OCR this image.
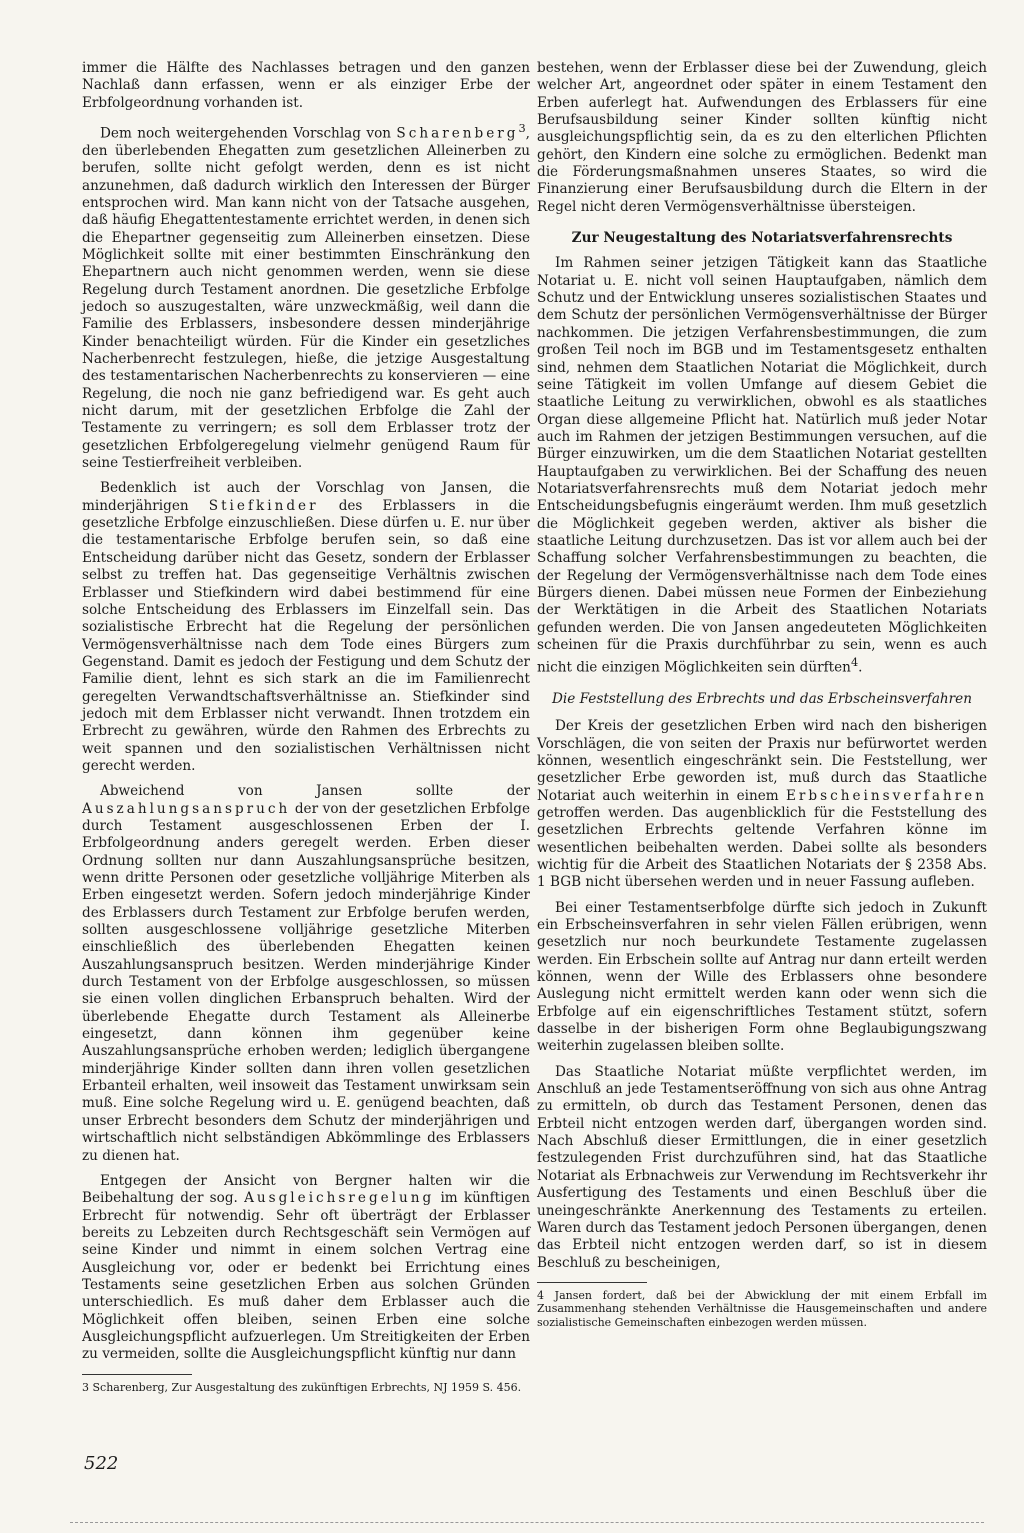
immer die Hälfte des Nachlasses betragen und den ganzen Nachlaß dann erfassen, wenn er als einziger Erbe der Erbfolgeordnung vorhanden ist.

Dem noch weitergehenden Vorschlag von Scharenberg$^3$, den überlebenden Ehegatten zum gesetzlichen Alleinerben zu berufen, sollte nicht gefolgt werden, denn es ist nicht anzunehmen, daß dadurch wirklich den Interessen der Bürger entsprochen wird. Man kann nicht von der Tatsache ausgehen, daß häufig Ehegattentestamente errichtet werden, in denen sich die Ehepartner gegenseitig zum Alleinerben einsetzen. Diese Möglichkeit sollte mit einer bestimmten Einschränkung den Ehepartnern auch nicht genommen werden, wenn sie diese Regelung durch Testament anordnen. Die gesetzliche Erbfolge jedoch so auszugestalten, wäre unzweckmäßig, weil dann die Familie des Erblassers, insbesondere dessen minderjährige Kinder benachteiligt würden. Für die Kinder ein gesetzliches Nacherbenrecht festzulegen, hieße, die jetzige Ausgestaltung des testamentarischen Nacherbenrechts zu konservieren — eine Regelung, die noch nie ganz befriedigend war. Es geht auch nicht darum, mit der gesetzlichen Erbfolge die Zahl der Testamente zu verringern; es soll dem Erblasser trotz der gesetzlichen Erbfolgeregelung vielmehr genügend Raum für seine Testierfreiheit verbleiben.

Bedenklich ist auch der Vorschlag von Jansen, die minderjährigen Stiefkinder des Erblassers in die gesetzliche Erbfolge einzuschließen. Diese dürfen u. E. nur über die testamentarische Erbfolge berufen sein, so daß eine Entscheidung darüber nicht das Gesetz, sondern der Erblasser selbst zu treffen hat. Das gegenseitige Verhältnis zwischen Erblasser und Stiefkindern wird dabei bestimmend für eine solche Entscheidung des Erblassers im Einzelfall sein. Das sozialistische Erbrecht hat die Regelung der persönlichen Vermögensverhältnisse nach dem Tode eines Bürgers zum Gegenstand. Damit es jedoch der Festigung und dem Schutz der Familie dient, lehnt es sich stark an die im Familienrecht geregelten Verwandtschaftsverhältnisse an. Stiefkinder sind jedoch mit dem Erblasser nicht verwandt. Ihnen trotzdem ein Erbrecht zu gewähren, würde den Rahmen des Erbrechts zu weit spannen und den sozialistischen Verhältnissen nicht gerecht werden.

Abweichend von Jansen sollte der Auszahlungsanspruch der von der gesetzlichen Erbfolge durch Testament ausgeschlossenen Erben der I. Erbfolgeordnung anders geregelt werden. Erben dieser Ordnung sollten nur dann Auszahlungsansprüche besitzen, wenn dritte Personen oder gesetzliche volljährige Miterben als Erben eingesetzt werden. Sofern jedoch minderjährige Kinder des Erblassers durch Testament zur Erbfolge berufen werden, sollten ausgeschlossene volljährige gesetzliche Miterben einschließlich des überlebenden Ehegatten keinen Auszahlungsanspruch besitzen. Werden minderjährige Kinder durch Testament von der Erbfolge ausgeschlossen, so müssen sie einen vollen dinglichen Erbanspruch behalten. Wird der überlebende Ehegatte durch Testament als Alleinerbe eingesetzt, dann können ihm gegenüber keine Auszahlungsansprüche erhoben werden; lediglich übergangene minderjährige Kinder sollten dann ihren vollen gesetzlichen Erbanteil erhalten, weil insoweit das Testament unwirksam sein muß. Eine solche Regelung wird u. E. genügend beachten, daß unser Erbrecht besonders dem Schutz der minderjährigen und wirtschaftlich nicht selbständigen Abkömmlinge des Erblassers zu dienen hat.

Entgegen der Ansicht von Bergner halten wir die Beibehaltung der sog. Ausgleichsregelung im künftigen Erbrecht für notwendig. Sehr oft überträgt der Erblasser bereits zu Lebzeiten durch Rechtsgeschäft sein Vermögen auf seine Kinder und nimmt in einem solchen Vertrag eine Ausgleichung vor, oder er bedenkt bei Errichtung eines Testaments seine gesetzlichen Erben aus solchen Gründen unterschiedlich. Es muß daher dem Erblasser auch die Möglichkeit offen bleiben, seinen Erben eine solche Ausgleichungspflicht aufzuerlegen. Um Streitigkeiten der Erben zu vermeiden, sollte die Ausgleichungspflicht künftig nur dann

3 Scharenberg, Zur Ausgestaltung des zukünftigen Erbrechts, NJ 1959 S. 456.

bestehen, wenn der Erblasser diese bei der Zuwendung, gleich welcher Art, angeordnet oder später in einem Testament den Erben auferlegt hat. Aufwendungen des Erblassers für eine Berufsausbildung seiner Kinder sollten künftig nicht ausgleichungspflichtig sein, da es zu den elterlichen Pflichten gehört, den Kindern eine solche zu ermöglichen. Bedenkt man die Förderungsmaßnahmen unseres Staates, so wird die Finanzierung einer Berufsausbildung durch die Eltern in der Regel nicht deren Vermögensverhältnisse übersteigen.

Zur Neugestaltung des Notariatsverfahrensrechts

Im Rahmen seiner jetzigen Tätigkeit kann das Staatliche Notariat u. E. nicht voll seinen Hauptaufgaben, nämlich dem Schutz und der Entwicklung unseres sozialistischen Staates und dem Schutz der persönlichen Vermögensverhältnisse der Bürger nachkommen. Die jetzigen Verfahrensbestimmungen, die zum großen Teil noch im BGB und im Testamentsgesetz enthalten sind, nehmen dem Staatlichen Notariat die Möglichkeit, durch seine Tätigkeit im vollen Umfange auf diesem Gebiet die staatliche Leitung zu verwirklichen, obwohl es als staatliches Organ diese allgemeine Pflicht hat. Natürlich muß jeder Notar auch im Rahmen der jetzigen Bestimmungen versuchen, auf die Bürger einzuwirken, um die dem Staatlichen Notariat gestellten Hauptaufgaben zu verwirklichen. Bei der Schaffung des neuen Notariatsverfahrensrechts muß dem Notariat jedoch mehr Entscheidungsbefugnis eingeräumt werden. Ihm muß gesetzlich die Möglichkeit gegeben werden, aktiver als bisher die staatliche Leitung durchzusetzen. Das ist vor allem auch bei der Schaffung solcher Verfahrensbestimmungen zu beachten, die der Regelung der Vermögensverhältnisse nach dem Tode eines Bürgers dienen. Dabei müssen neue Formen der Einbeziehung der Werktätigen in die Arbeit des Staatlichen Notariats gefunden werden. Die von Jansen angedeuteten Möglichkeiten scheinen für die Praxis durchführbar zu sein, wenn es auch nicht die einzigen Möglichkeiten sein dürften$^4$.

Die Feststellung des Erbrechts und das Erbscheinsverfahren

Der Kreis der gesetzlichen Erben wird nach den bisherigen Vorschlägen, die von seiten der Praxis nur befürwortet werden können, wesentlich eingeschränkt sein. Die Feststellung, wer gesetzlicher Erbe geworden ist, muß durch das Staatliche Notariat auch weiterhin in einem Erbscheinsverfahren getroffen werden. Das augenblicklich für die Feststellung des gesetzlichen Erbrechts geltende Verfahren könne im wesentlichen beibehalten werden. Dabei sollte als besonders wichtig für die Arbeit des Staatlichen Notariats der § 2358 Abs. 1 BGB nicht übersehen werden und in neuer Fassung aufleben.

Bei einer Testamentserbfolge dürfte sich jedoch in Zukunft ein Erbscheinsverfahren in sehr vielen Fällen erübrigen, wenn gesetzlich nur noch beurkundete Testamente zugelassen werden. Ein Erbschein sollte auf Antrag nur dann erteilt werden können, wenn der Wille des Erblassers ohne besondere Auslegung nicht ermittelt werden kann oder wenn sich die Erbfolge auf ein eigenschriftliches Testament stützt, sofern dasselbe in der bisherigen Form ohne Beglaubigungszwang weiterhin zugelassen bleiben sollte.

Das Staatliche Notariat müßte verpflichtet werden, im Anschluß an jede Testamentseröffnung von sich aus ohne Antrag zu ermitteln, ob durch das Testament Personen, denen das Erbteil nicht entzogen werden darf, übergangen worden sind. Nach Abschluß dieser Ermittlungen, die in einer gesetzlich festzulegenden Frist durchzuführen sind, hat das Staatliche Notariat als Erbnachweis zur Verwendung im Rechtsverkehr ihr Ausfertigung des Testaments und einen Beschluß über die uneingeschränkte Anerkennung des Testaments zu erteilen. Waren durch das Testament jedoch Personen übergangen, denen das Erbteil nicht entzogen werden darf, so ist in diesem Beschluß zu bescheinigen,

4 Jansen fordert, daß bei der Abwicklung der mit einem Erbfall im Zusammenhang stehenden Verhältnisse die Hausgemeinschaften und andere sozialistische Gemeinschaften einbezogen werden müssen.
522
